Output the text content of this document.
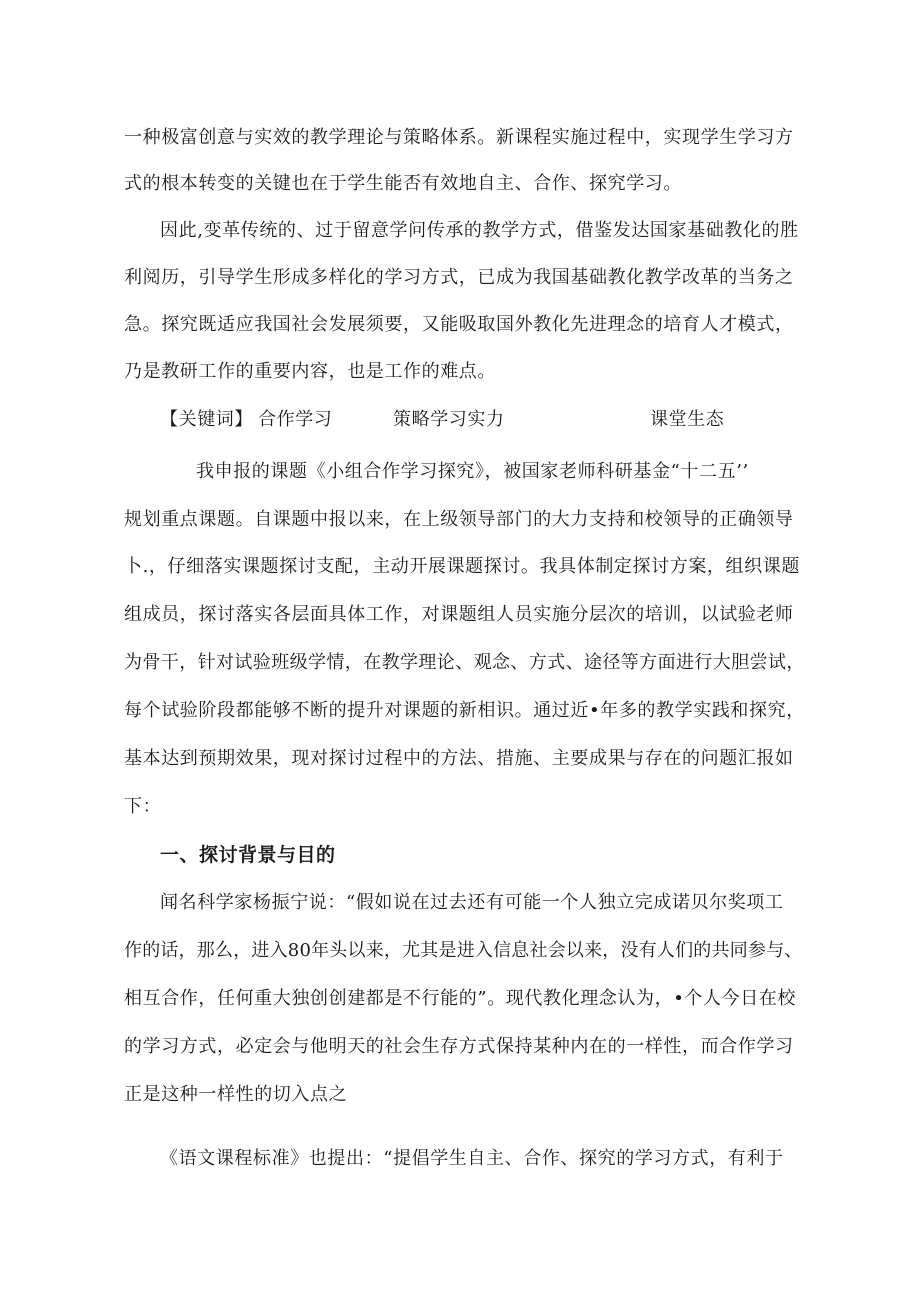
一种极富创意与实效的教学理论与策略体系。新课程实施过程中，实现学生学习方
式的根本转变的关键也在于学生能否有效地自主、合作、探究学习。
因此,变革传统的、过于留意学问传承的教学方式，借鉴发达国家基础教化的胜
利阅历，引导学生形成多样化的学习方式，已成为我国基础教化教学改革的当务之
急。探究既适应我国社会发展须要，又能吸取国外教化先进理念的培育人才模式，
乃是教研工作的重要内容，也是工作的难点。
【关键词】 合作学习	策略学习实力	课堂生态
我申报的课题《小组合作学习探究》，被国家老师科研基金“十二五’’
规划重点课题。自课题中报以来，在上级领导部门的大力支持和校领导的正确领导
卜.，仔细落实课题探讨支配，主动开展课题探讨。我具体制定探讨方案，组织课题
组成员，探讨落实各层面具体工作，对课题组人员实施分层次的培训，以试验老师
为骨干，针对试验班级学情，在教学理论、观念、方式、途径等方面进行大胆尝试，
每个试验阶段都能够不断的提升对课题的新相识。通过近•年多的教学实践和探究，
基本达到预期效果，现对探讨过程中的方法、措施、主要成果与存在的问题汇报如
下：
一、探讨背景与目的
闻名科学家杨振宁说：“假如说在过去还有可能一个人独立完成诺贝尔奖项工
作的话，那么，进入80年头以来，尤其是进入信息社会以来，没有人们的共同参与、
相互合作，任何重大独创创建都是不行能的”。现代教化理念认为，•个人今日在校
的学习方式，必定会与他明天的社会生存方式保持某种内在的一样性，而合作学习
正是这种一样性的切入点之
《语文课程标准》也提出：“提倡学生自主、合作、探究的学习方式，有利于
